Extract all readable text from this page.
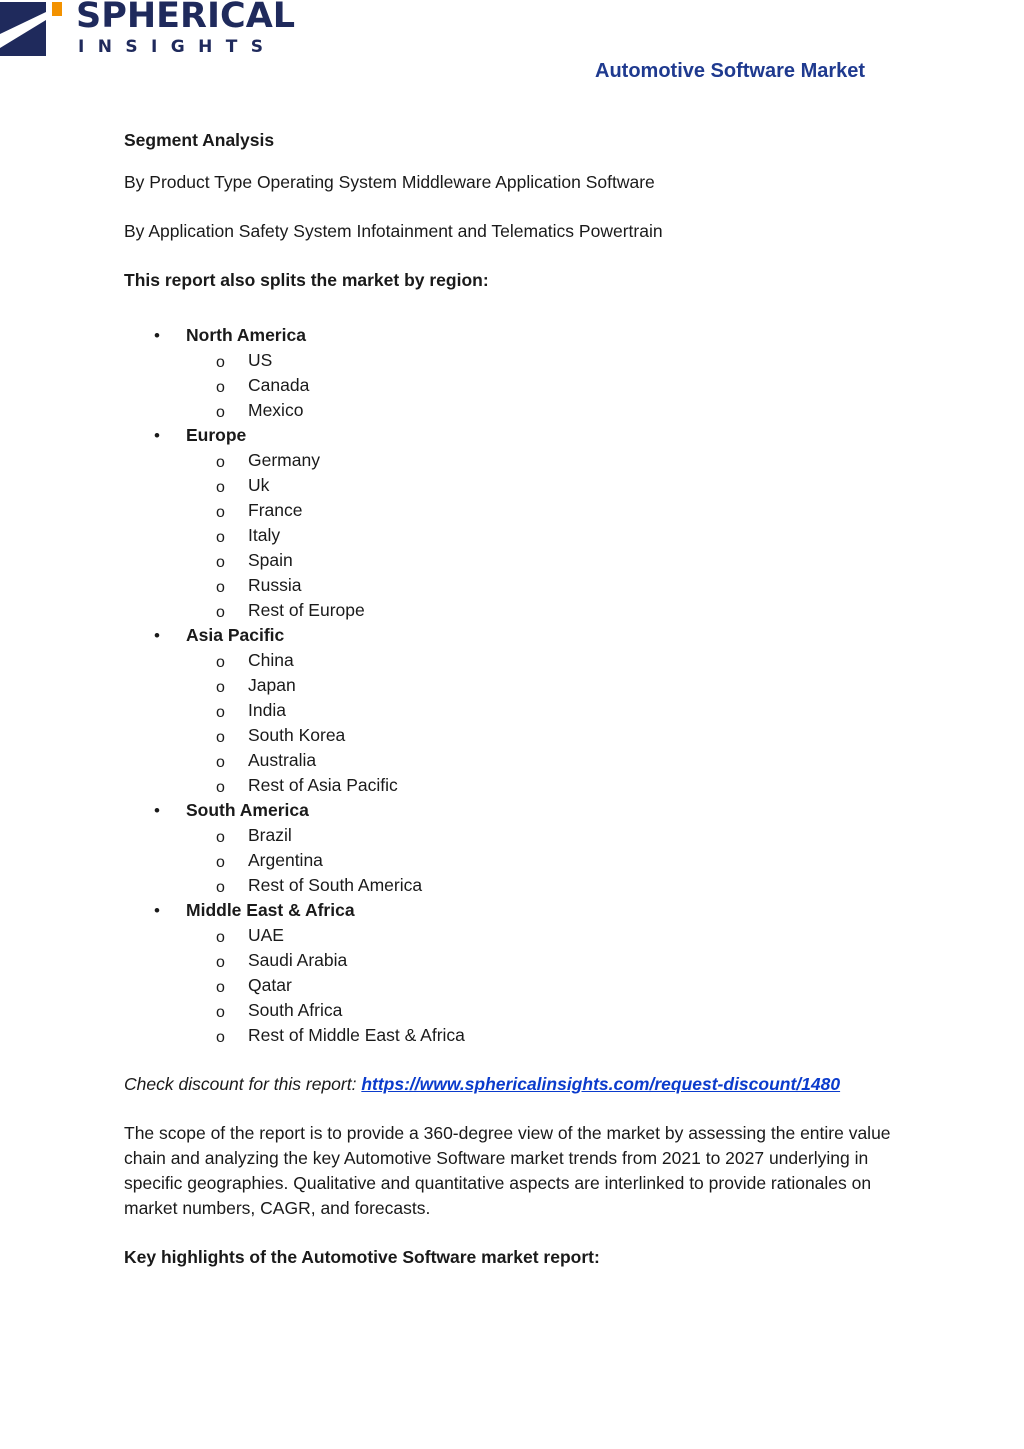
SPHERICAL
INSIGHTS
Automotive Software Market

Segment Analysis

By Product Type Operating System Middleware Application Software

By Application Safety System Infotainment and Telematics Powertrain

This report also splits the market by region:

• North America
o US
o Canada
o Mexico
• Europe
o Germany
o Uk
o France
o Italy
o Spain
o Russia
o Rest of Europe
• Asia Pacific
o China
o Japan
o India
o South Korea
o Australia
o Rest of Asia Pacific
• South America
o Brazil
o Argentina
o Rest of South America
• Middle East & Africa
o UAE
o Saudi Arabia
o Qatar
o South Africa
o Rest of Middle East & Africa

Check discount for this report: https://www.sphericalinsights.com/request-discount/1480

The scope of the report is to provide a 360-degree view of the market by assessing the entire value chain and analyzing the key Automotive Software market trends from 2021 to 2027 underlying in specific geographies. Qualitative and quantitative aspects are interlinked to provide rationales on market numbers, CAGR, and forecasts.

Key highlights of the Automotive Software market report:
